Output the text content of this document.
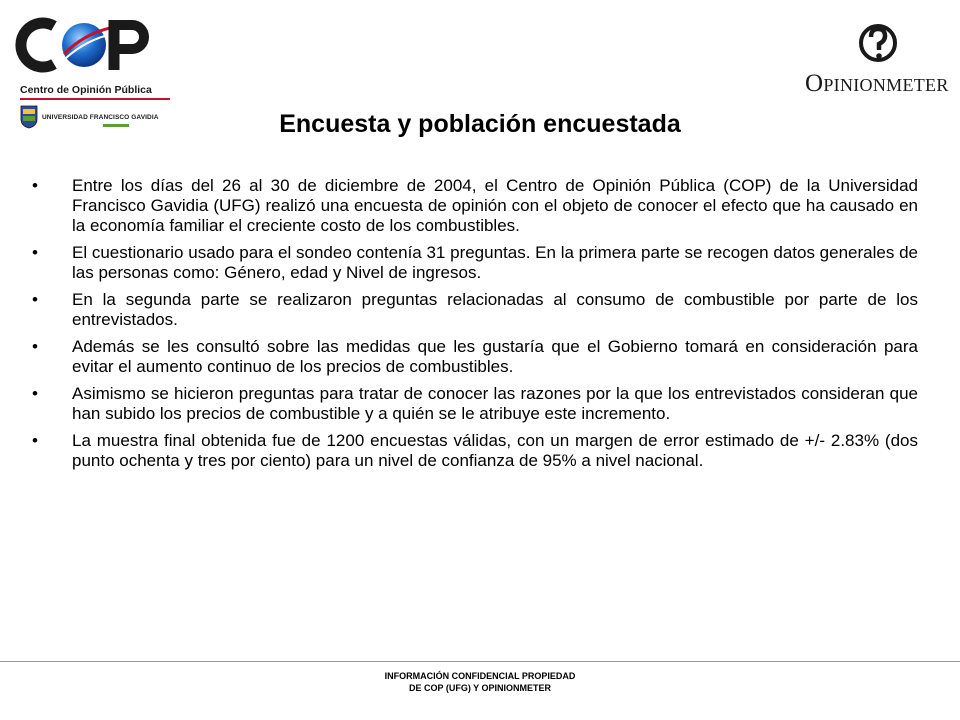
Centro de Opinión Pública
UNIVERSIDAD FRANCISCO GAVIDIA
OPINIONMETER
Encuesta y población encuestada
• Entre los días del 26 al 30 de diciembre de 2004, el Centro de Opinión Pública (COP) de la Universidad Francisco Gavidia (UFG) realizó una encuesta de opinión con el objeto de conocer el efecto que ha causado en la economía familiar el creciente costo de los combustibles.
• El cuestionario usado para el sondeo contenía 31 preguntas. En la primera parte se recogen datos generales de las personas como: Género, edad y Nivel de ingresos.
• En la segunda parte se realizaron preguntas relacionadas al consumo de combustible por parte de los entrevistados.
• Además se les consultó sobre las medidas que les gustaría que el Gobierno tomará en consideración para evitar el aumento continuo de los precios de combustibles.
• Asimismo se hicieron preguntas para tratar de conocer las razones por la que los entrevistados consideran que han subido los precios de combustible y a quién se le atribuye este incremento.
• La muestra final obtenida fue de 1200 encuestas válidas, con un margen de error estimado de +/- 2.83% (dos punto ochenta y tres por ciento) para un nivel de confianza de 95% a nivel nacional.
INFORMACIÓN CONFIDENCIAL PROPIEDAD
DE COP (UFG) Y OPINIONMETER
